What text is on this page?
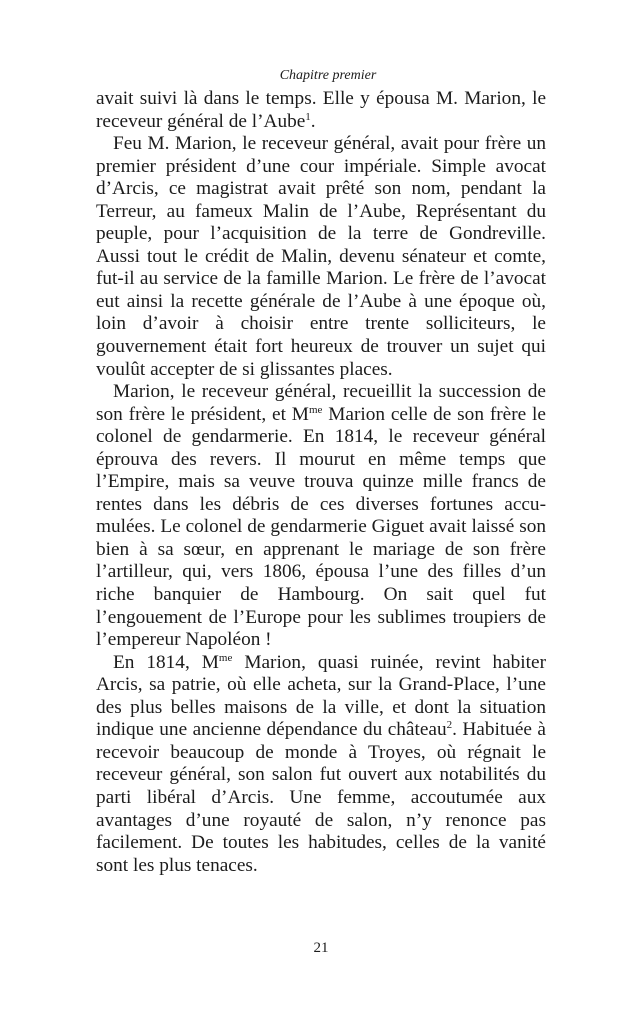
Chapitre premier

avait suivi là dans le temps. Elle y épousa M. Marion, le receveur général de l’Aube$^1$.

Feu M. Marion, le receveur général, avait pour frère un premier président d’une cour impériale. Simple avocat d’Arcis, ce magistrat avait prêté son nom, pendant la Terreur, au fameux Malin de l’Aube, Représentant du peuple, pour l’acquisition de la terre de Gondreville. Aussi tout le crédit de Malin, devenu sénateur et comte, fut-il au service de la famille Marion. Le frère de l’avocat eut ainsi la recette générale de l’Aube à une époque où, loin d’avoir à choisir entre trente solliciteurs, le gouvernement était fort heureux de trouver un sujet qui voulût accepter de si glissantes places.

Marion, le receveur général, recueillit la succession de son frère le président, et $M^{me}$ Marion celle de son frère le colonel de gendarmerie. En 1814, le receveur général éprouva des revers. Il mourut en même temps que l’Empire, mais sa veuve trouva quinze mille francs de rentes dans les débris de ces diverses fortunes accumulées. Le colonel de gendarmerie Giguet avait laissé son bien à sa sœur, en apprenant le mariage de son frère l’artilleur, qui, vers 1806, épousa l’une des filles d’un riche banquier de Hambourg. On sait quel fut l’engouement de l’Europe pour les sublimes troupiers de l’empereur Napoléon !

En 1814, $M^{me}$ Marion, quasi ruinée, revint habiter Arcis, sa patrie, où elle acheta, sur la Grand-Place, l’une des plus belles maisons de la ville, et dont la situation indique une ancienne dépendance du château$^2$. Habituée à recevoir beaucoup de monde à Troyes, où régnait le receveur général, son salon fut ouvert aux notabilités du parti libéral d’Arcis. Une femme, accoutumée aux avantages d’une royauté de salon, n’y renonce pas facilement. De toutes les habitudes, celles de la vanité sont les plus tenaces.

21
